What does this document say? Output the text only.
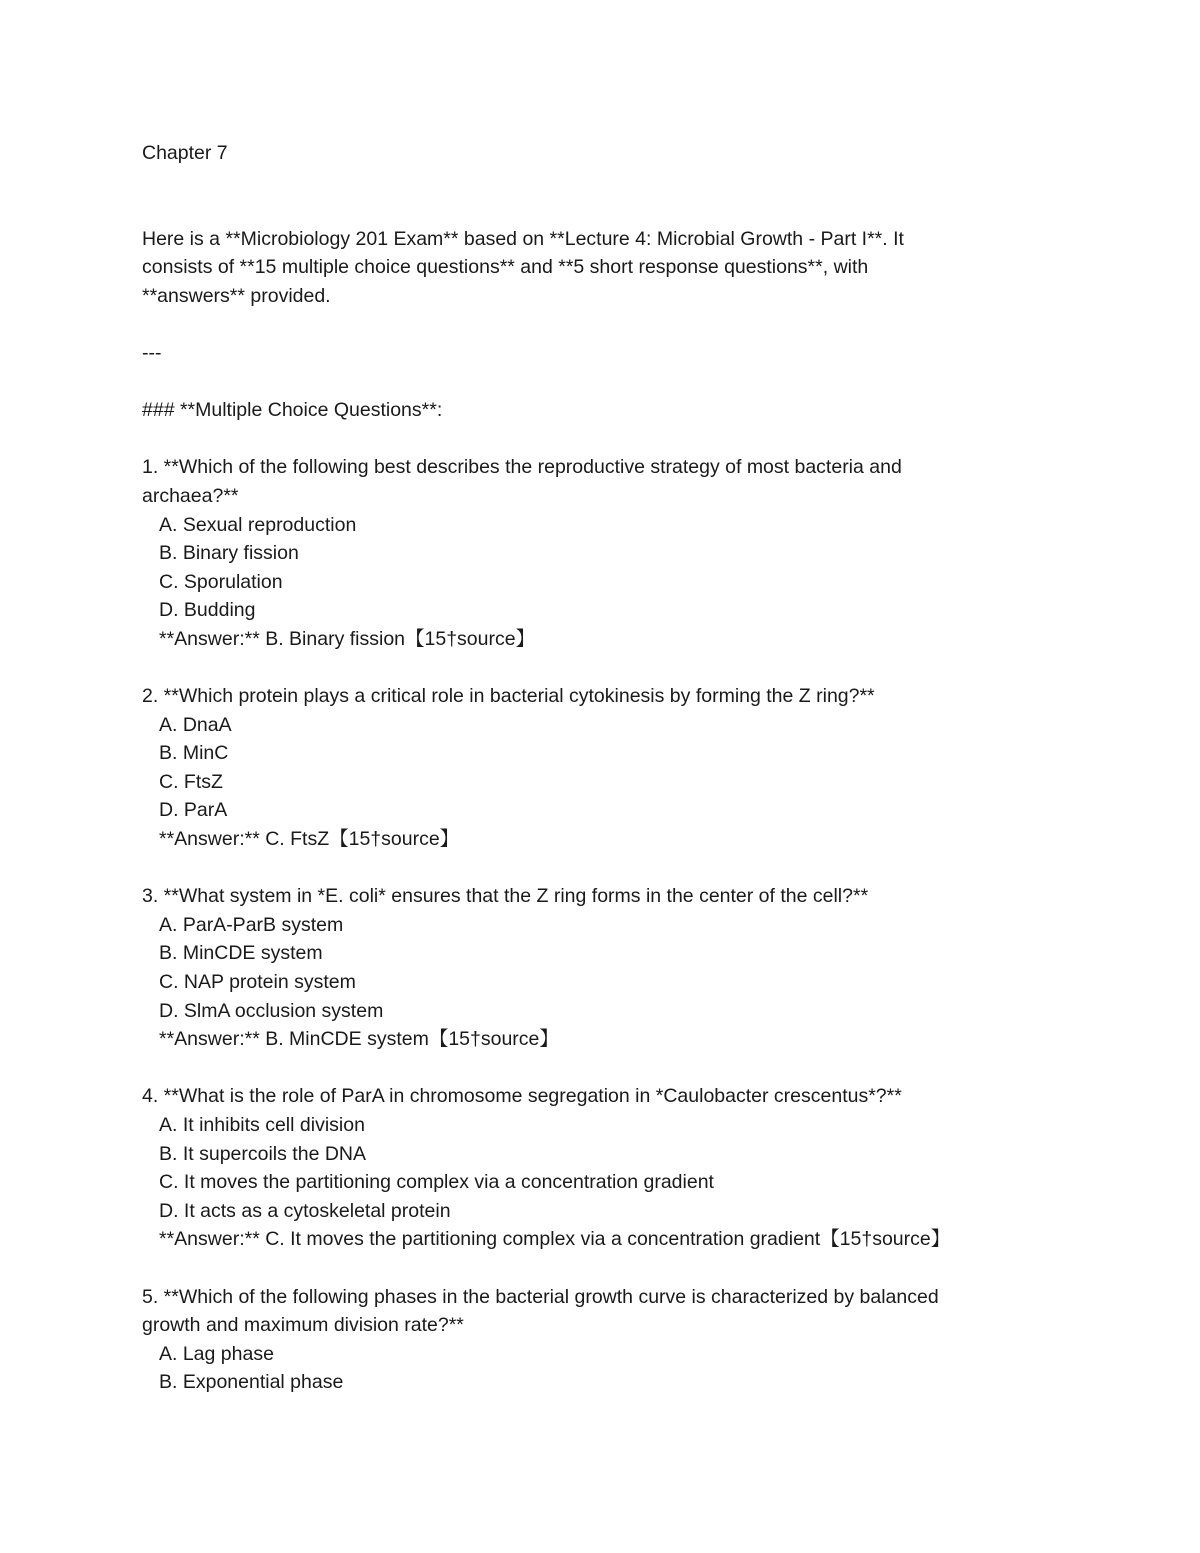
Chapter 7
Here is a **Microbiology 201 Exam** based on **Lecture 4: Microbial Growth - Part I**. It
consists of **15 multiple choice questions** and **5 short response questions**, with
**answers** provided.
---
### **Multiple Choice Questions**:
1. **Which of the following best describes the reproductive strategy of most bacteria and
archaea?**
A. Sexual reproduction
B. Binary fission
C. Sporulation
D. Budding
**Answer:** B. Binary fission【15†source】
2. **Which protein plays a critical role in bacterial cytokinesis by forming the Z ring?**
A. DnaA
B. MinC
C. FtsZ
D. ParA
**Answer:** C. FtsZ【15†source】
3. **What system in *E. coli* ensures that the Z ring forms in the center of the cell?**
A. ParA-ParB system
B. MinCDE system
C. NAP protein system
D. SlmA occlusion system
**Answer:** B. MinCDE system【15†source】
4. **What is the role of ParA in chromosome segregation in *Caulobacter crescentus*?**
A. It inhibits cell division
B. It supercoils the DNA
C. It moves the partitioning complex via a concentration gradient
D. It acts as a cytoskeletal protein
**Answer:** C. It moves the partitioning complex via a concentration gradient【15†source】
5. **Which of the following phases in the bacterial growth curve is characterized by balanced
growth and maximum division rate?**
A. Lag phase
B. Exponential phase
